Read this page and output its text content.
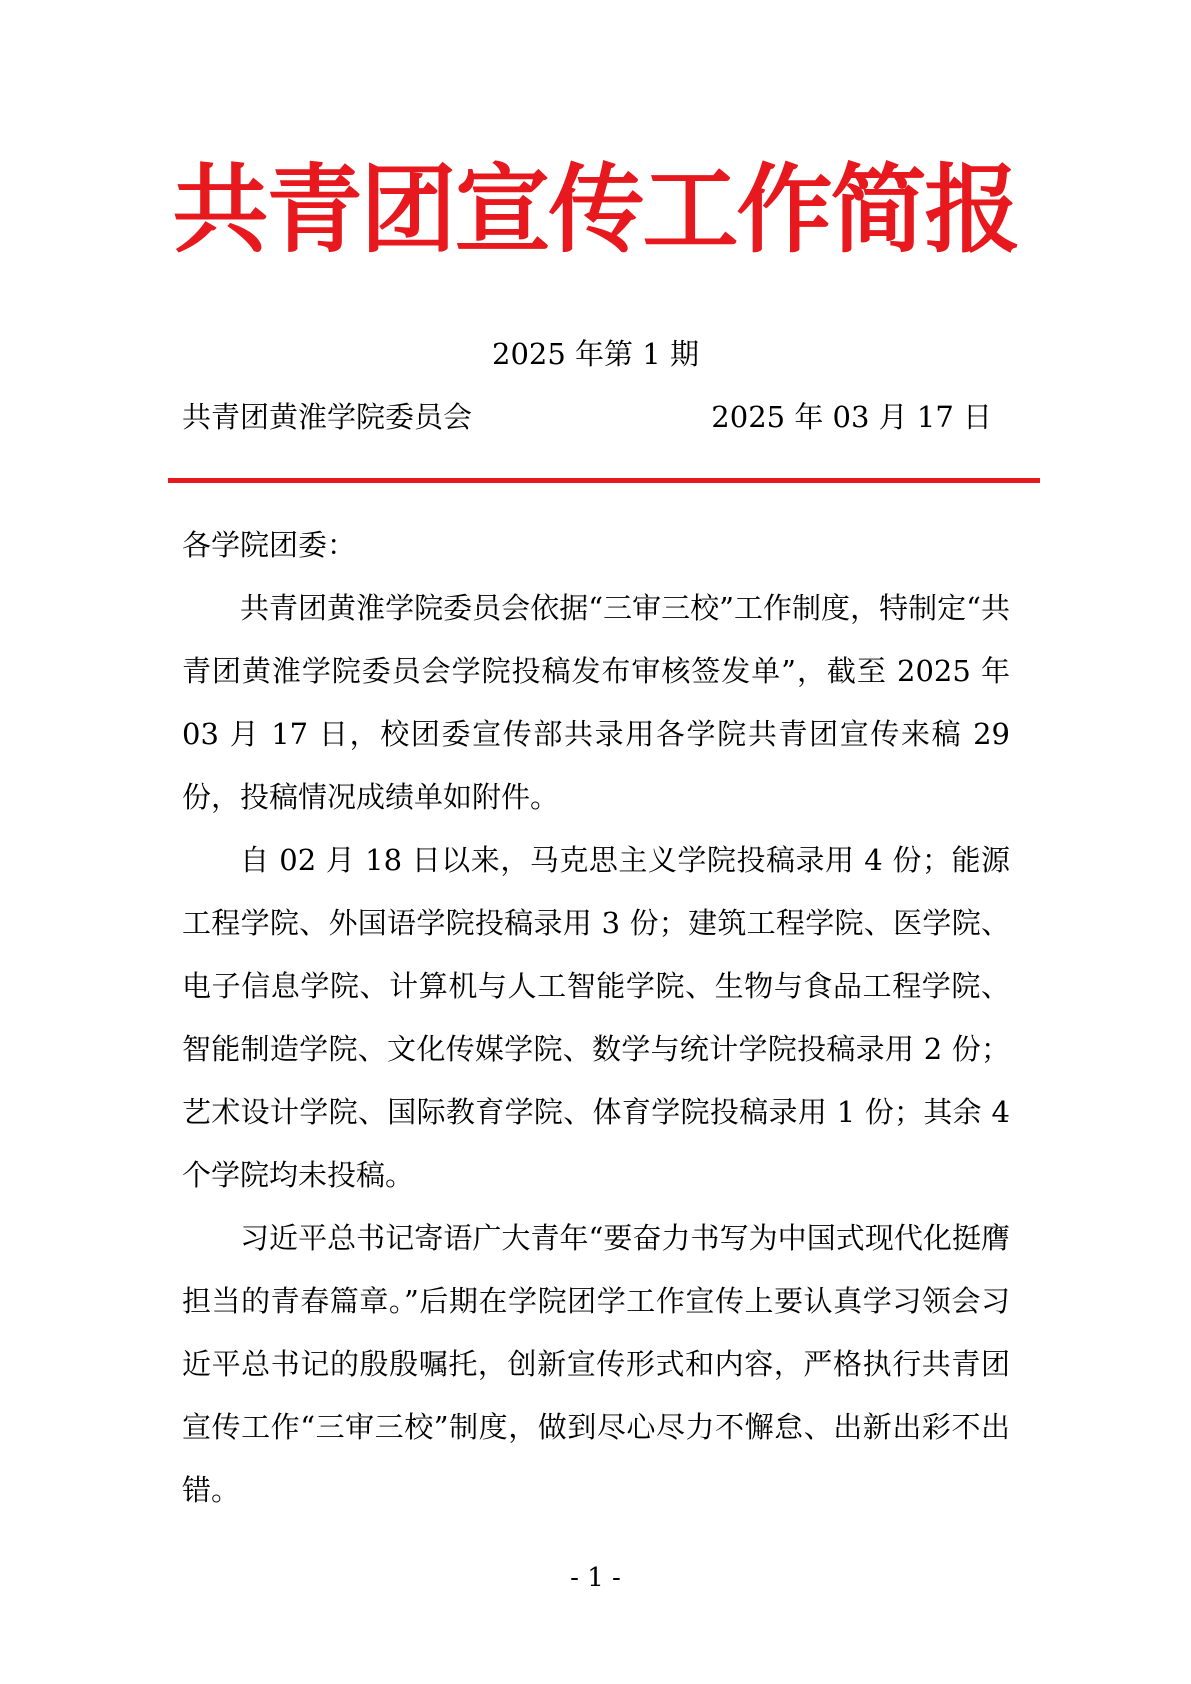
共青团宣传工作简报
2025 年第 1 期
共青团黄淮学院委员会	2025 年 03 月 17 日

各学院团委：

共青团黄淮学院委员会依据“三审三校”工作制度，特制定“共青团黄淮学院委员会学院投稿发布审核签发单”，截至 2025 年 03 月 17 日，校团委宣传部共录用各学院共青团宣传来稿 29 份，投稿情况成绩单如附件。

自 02 月 18 日以来，马克思主义学院投稿录用 4 份；能源工程学院、外国语学院投稿录用 3 份；建筑工程学院、医学院、电子信息学院、计算机与人工智能学院、生物与食品工程学院、智能制造学院、文化传媒学院、数学与统计学院投稿录用 2 份；艺术设计学院、国际教育学院、体育学院投稿录用 1 份；其余 4 个学院均未投稿。

习近平总书记寄语广大青年“要奋力书写为中国式现代化挺膺担当的青春篇章。”后期在学院团学工作宣传上要认真学习领会习近平总书记的殷殷嘱托，创新宣传形式和内容，严格执行共青团宣传工作“三审三校”制度，做到尽心尽力不懈怠、出新出彩不出错。

- 1 -
